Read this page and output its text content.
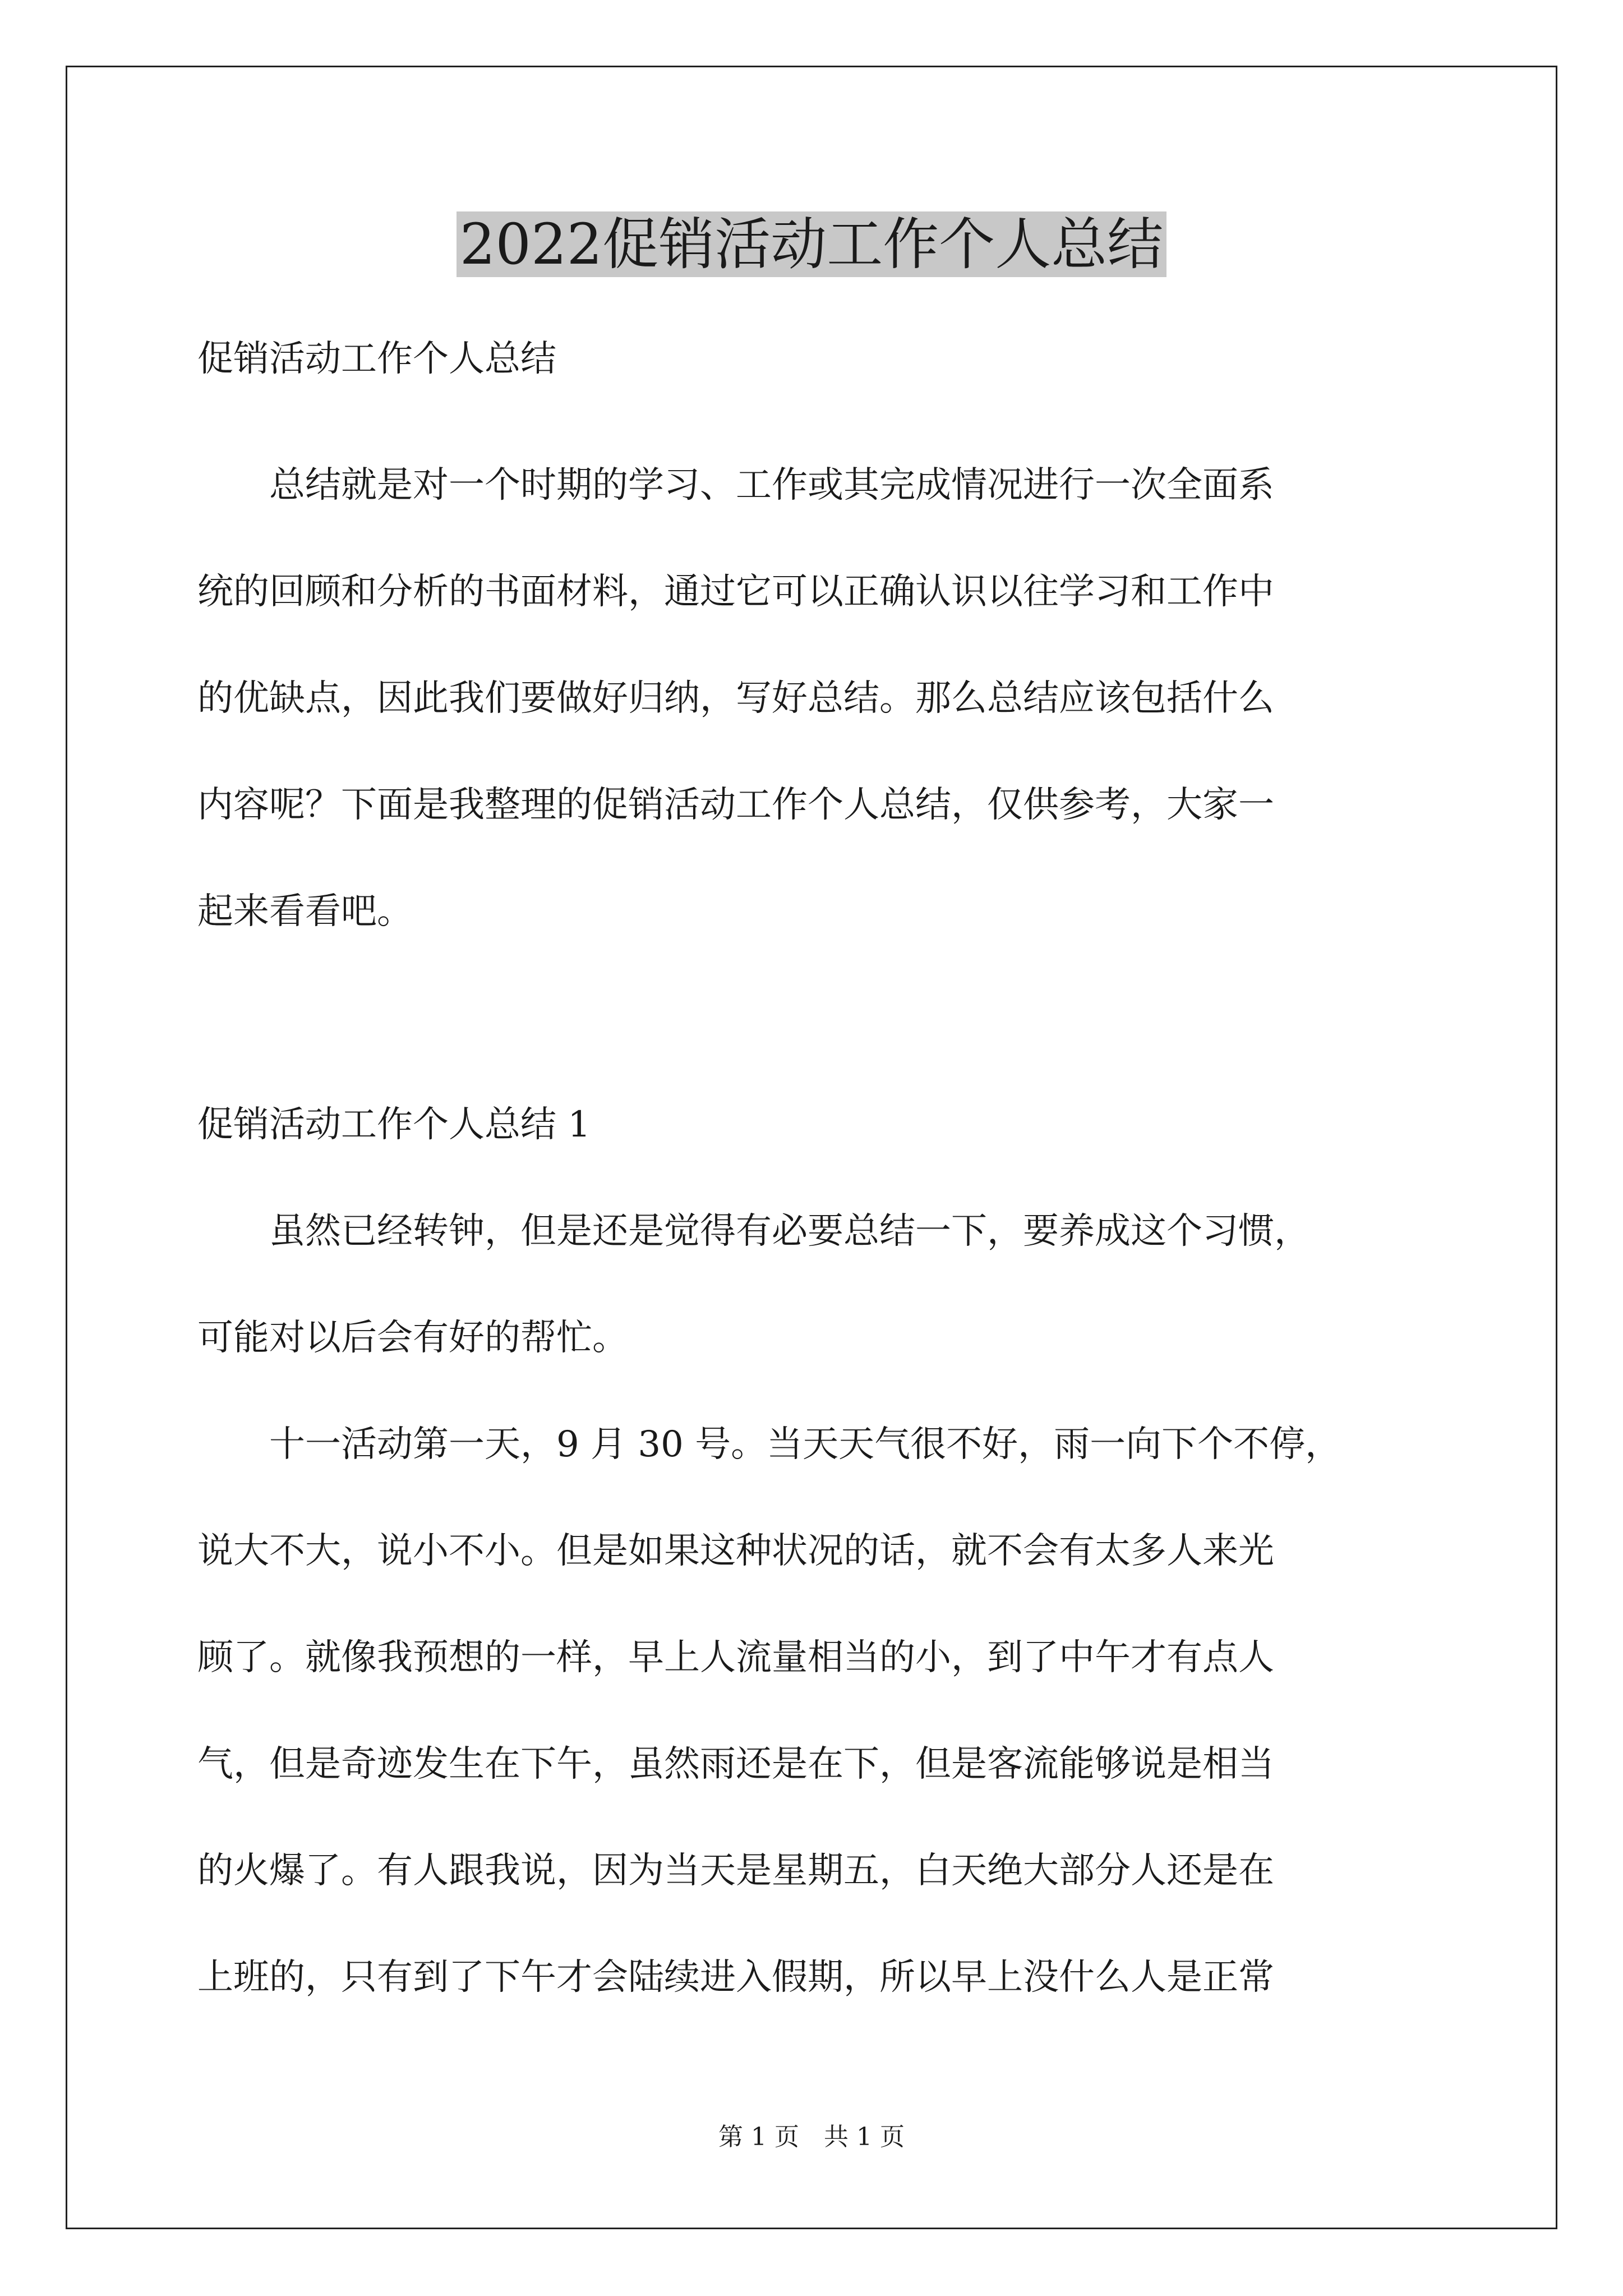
2022促销活动工作个人总结
促销活动工作个人总结
　　总结就是对一个时期的学习、工作或其完成情况进行一次全面系
统的回顾和分析的书面材料，通过它可以正确认识以往学习和工作中
的优缺点，因此我们要做好归纳，写好总结。那么总结应该包括什么
内容呢？下面是我整理的促销活动工作个人总结，仅供参考，大家一
起来看看吧。
促销活动工作个人总结 1
　　虽然已经转钟，但是还是觉得有必要总结一下，要养成这个习惯，
可能对以后会有好的帮忙。
　　十一活动第一天，9 月 30 号。当天天气很不好，雨一向下个不停，
说大不大，说小不小。但是如果这种状况的话，就不会有太多人来光
顾了。就像我预想的一样，早上人流量相当的小，到了中午才有点人
气，但是奇迹发生在下午，虽然雨还是在下，但是客流能够说是相当
的火爆了。有人跟我说，因为当天是星期五，白天绝大部分人还是在
上班的，只有到了下午才会陆续进入假期，所以早上没什么人是正常
第 1 页　共 1 页
